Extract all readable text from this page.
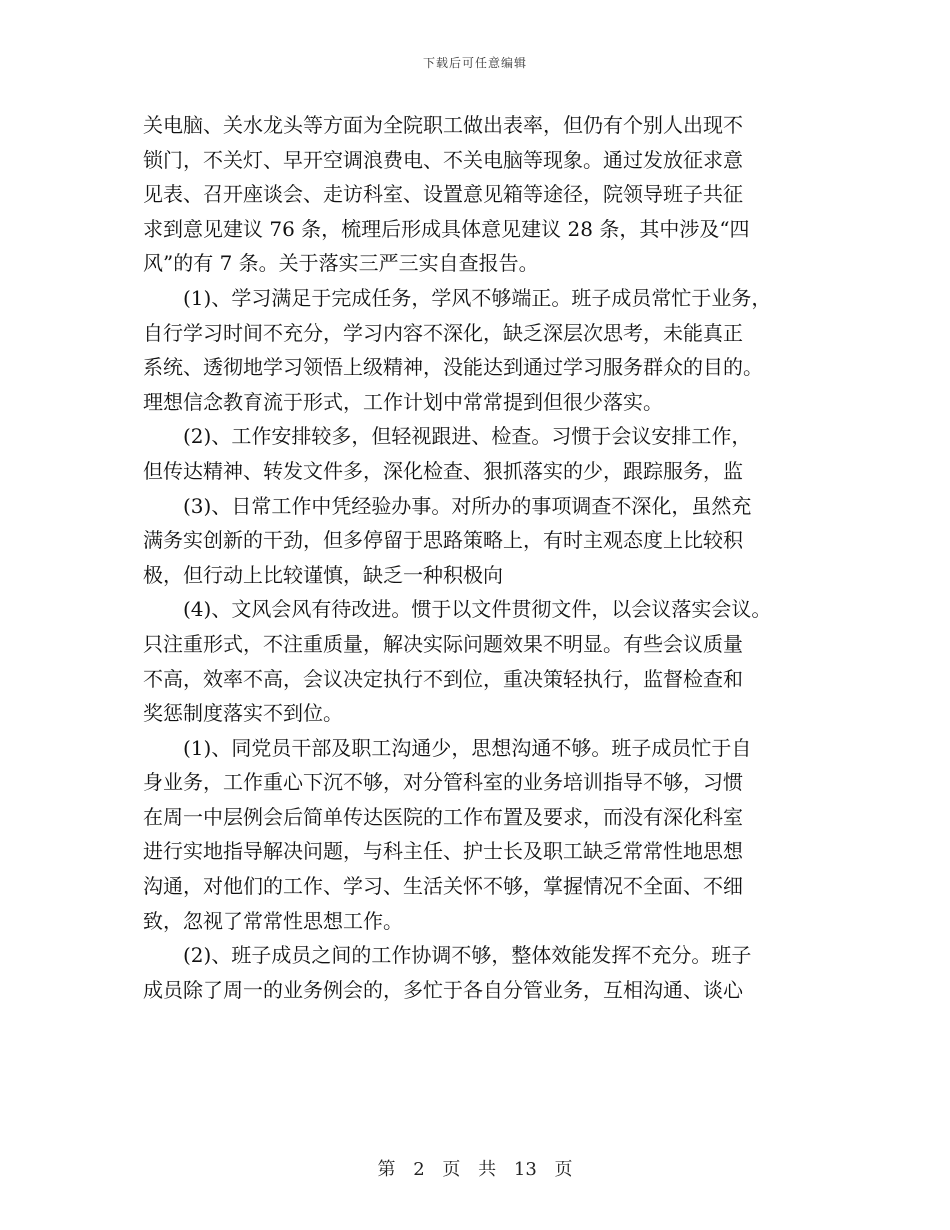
下载后可任意编辑

关电脑、关水龙头等方面为全院职工做出表率，但仍有个别人出现不
锁门，不关灯、早开空调浪费电、不关电脑等现象。通过发放征求意
见表、召开座谈会、走访科室、设置意见箱等途径，院领导班子共征
求到意见建议 76 条，梳理后形成具体意见建议 28 条，其中涉及“四
风”的有 7 条。关于落实三严三实自查报告。

(1)、学习满足于完成任务，学风不够端正。班子成员常忙于业务，
自行学习时间不充分，学习内容不深化，缺乏深层次思考，未能真正
系统、透彻地学习领悟上级精神，没能达到通过学习服务群众的目的。
理想信念教育流于形式，工作计划中常常提到但很少落实。

(2)、工作安排较多，但轻视跟进、检查。习惯于会议安排工作，
但传达精神、转发文件多，深化检查、狠抓落实的少，跟踪服务，监

(3)、日常工作中凭经验办事。对所办的事项调查不深化，虽然充
满务实创新的干劲，但多停留于思路策略上，有时主观态度上比较积
极，但行动上比较谨慎，缺乏一种积极向

(4)、文风会风有待改进。惯于以文件贯彻文件，以会议落实会议。
只注重形式，不注重质量，解决实际问题效果不明显。有些会议质量
不高，效率不高，会议决定执行不到位，重决策轻执行，监督检查和
奖惩制度落实不到位。

(1)、同党员干部及职工沟通少，思想沟通不够。班子成员忙于自
身业务，工作重心下沉不够，对分管科室的业务培训指导不够，习惯
在周一中层例会后简单传达医院的工作布置及要求，而没有深化科室
进行实地指导解决问题，与科主任、护士长及职工缺乏常常性地思想
沟通，对他们的工作、学习、生活关怀不够，掌握情况不全面、不细
致，忽视了常常性思想工作。

(2)、班子成员之间的工作协调不够，整体效能发挥不充分。班子
成员除了周一的业务例会的，多忙于各自分管业务，互相沟通、谈心

第 2 页 共 13 页
